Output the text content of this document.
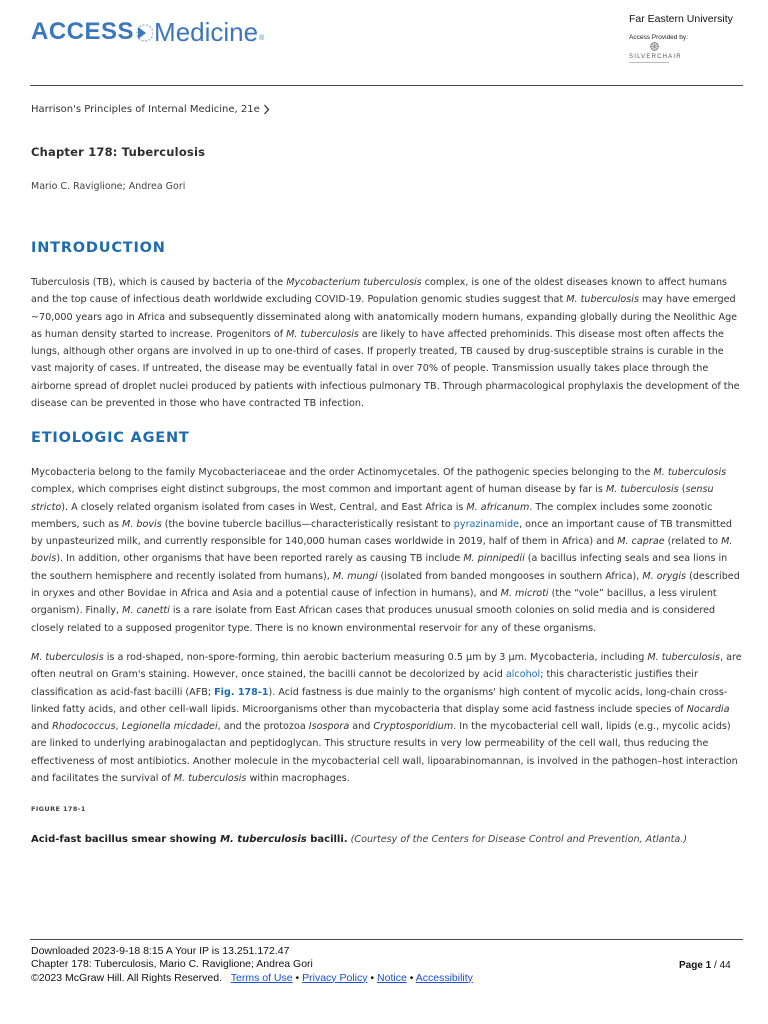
ACCESS Medicine ®
Far Eastern University
Access Provided by:
SILVERCHAIR
Harrison's Principles of Internal Medicine, 21e
Chapter 178: Tuberculosis
Mario C. Raviglione; Andrea Gori
INTRODUCTION
Tuberculosis (TB), which is caused by bacteria of the Mycobacterium tuberculosis complex, is one of the oldest diseases known to affect humans and the top cause of infectious death worldwide excluding COVID-19. Population genomic studies suggest that M. tuberculosis may have emerged ~70,000 years ago in Africa and subsequently disseminated along with anatomically modern humans, expanding globally during the Neolithic Age as human density started to increase. Progenitors of M. tuberculosis are likely to have affected prehominids. This disease most often affects the lungs, although other organs are involved in up to one-third of cases. If properly treated, TB caused by drug-susceptible strains is curable in the vast majority of cases. If untreated, the disease may be eventually fatal in over 70% of people. Transmission usually takes place through the airborne spread of droplet nuclei produced by patients with infectious pulmonary TB. Through pharmacological prophylaxis the development of the disease can be prevented in those who have contracted TB infection.
ETIOLOGIC AGENT
Mycobacteria belong to the family Mycobacteriaceae and the order Actinomycetales. Of the pathogenic species belonging to the M. tuberculosis complex, which comprises eight distinct subgroups, the most common and important agent of human disease by far is M. tuberculosis (sensu stricto). A closely related organism isolated from cases in West, Central, and East Africa is M. africanum. The complex includes some zoonotic members, such as M. bovis (the bovine tubercle bacillus—characteristically resistant to pyrazinamide, once an important cause of TB transmitted by unpasteurized milk, and currently responsible for 140,000 human cases worldwide in 2019, half of them in Africa) and M. caprae (related to M. bovis). In addition, other organisms that have been reported rarely as causing TB include M. pinnipedii (a bacillus infecting seals and sea lions in the southern hemisphere and recently isolated from humans), M. mungi (isolated from banded mongooses in southern Africa), M. orygis (described in oryxes and other Bovidae in Africa and Asia and a potential cause of infection in humans), and M. microti (the “vole” bacillus, a less virulent organism). Finally, M. canetti is a rare isolate from East African cases that produces unusual smooth colonies on solid media and is considered closely related to a supposed progenitor type. There is no known environmental reservoir for any of these organisms.
M. tuberculosis is a rod-shaped, non-spore-forming, thin aerobic bacterium measuring 0.5 µm by 3 µm. Mycobacteria, including M. tuberculosis, are often neutral on Gram's staining. However, once stained, the bacilli cannot be decolorized by acid alcohol; this characteristic justifies their classification as acid-fast bacilli (AFB; Fig. 178-1). Acid fastness is due mainly to the organisms' high content of mycolic acids, long-chain cross-linked fatty acids, and other cell-wall lipids. Microorganisms other than mycobacteria that display some acid fastness include species of Nocardia and Rhodococcus, Legionella micdadei, and the protozoa Isospora and Cryptosporidium. In the mycobacterial cell wall, lipids (e.g., mycolic acids) are linked to underlying arabinogalactan and peptidoglycan. This structure results in very low permeability of the cell wall, thus reducing the effectiveness of most antibiotics. Another molecule in the mycobacterial cell wall, lipoarabinomannan, is involved in the pathogen–host interaction and facilitates the survival of M. tuberculosis within macrophages.
FIGURE 178-1
Acid-fast bacillus smear showing M. tuberculosis bacilli. (Courtesy of the Centers for Disease Control and Prevention, Atlanta.)
Downloaded 2023-9-18 8:15 A Your IP is 13.251.172.47
Chapter 178: Tuberculosis, Mario C. Raviglione; Andrea Gori
©2023 McGraw Hill. All Rights Reserved. Terms of Use • Privacy Policy • Notice • Accessibility
Page 1 / 44
